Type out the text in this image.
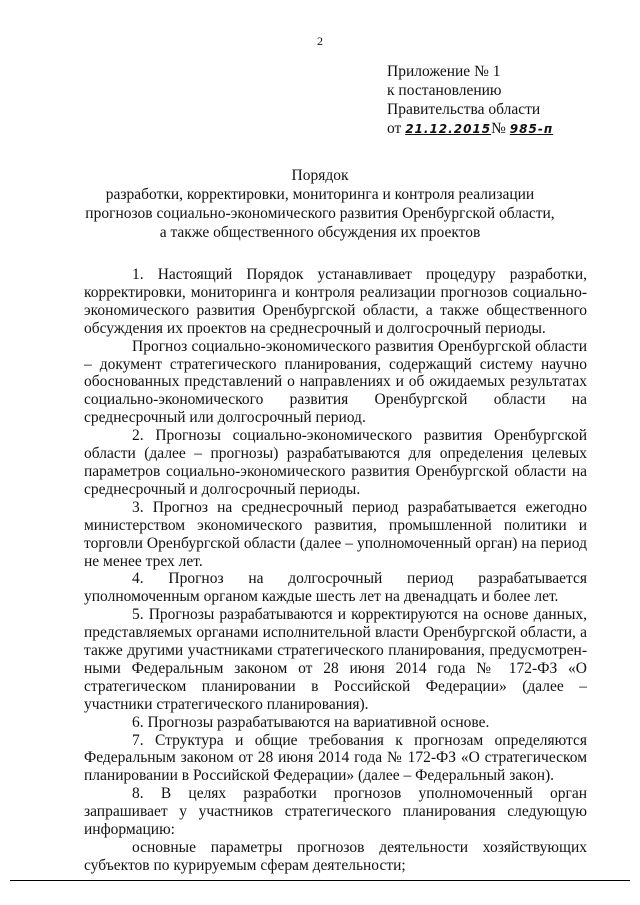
2
Приложение № 1
к постановлению
Правительства области
от 21.12.2015№ 985-п
Порядок
разработки, корректировки, мониторинга и контроля реализации
прогнозов социально-экономического развития Оренбургской области,
а также общественного обсуждения их проектов

1. Настоящий Порядок устанавливает процедуру разработки, корректировки, мониторинга и контроля реализации прогнозов социально-экономического развития Оренбургской области, а также общественного обсуждения их проектов на среднесрочный и долгосрочный периоды.

Прогноз социально-экономического развития Оренбургской области – документ стратегического планирования, содержащий систему научно обоснованных представлений о направлениях и об ожидаемых результатах социально-экономического развития Оренбургской области на среднесрочный или долгосрочный период.

2. Прогнозы социально-экономического развития Оренбургской области (далее – прогнозы) разрабатываются для определения целевых параметров социально-экономического развития Оренбургской области на среднесрочный и долгосрочный периоды.

3. Прогноз на среднесрочный период разрабатывается ежегодно министерством экономического развития, промышленной политики и торговли Оренбургской области (далее – уполномоченный орган) на период не менее трех лет.

4. Прогноз на долгосрочный период разрабатывается уполномоченным органом каждые шесть лет на двенадцать и более лет.

5. Прогнозы разрабатываются и корректируются на основе данных, представляемых органами исполнительной власти Оренбургской области, а также другими участниками стратегического планирования, предусмотрен-ными Федеральным законом от 28 июня 2014 года № 172-ФЗ «О стратегическом планировании в Российской Федерации» (далее – участники стратегического планирования).

6. Прогнозы разрабатываются на вариативной основе.

7. Структура и общие требования к прогнозам определяются Федеральным законом от 28 июня 2014 года № 172-ФЗ «О стратегическом планировании в Российской Федерации» (далее – Федеральный закон).

8. В целях разработки прогнозов уполномоченный орган запрашивает у участников стратегического планирования следующую информацию:

основные параметры прогнозов деятельности хозяйствующих субъектов по курируемым сферам деятельности;
